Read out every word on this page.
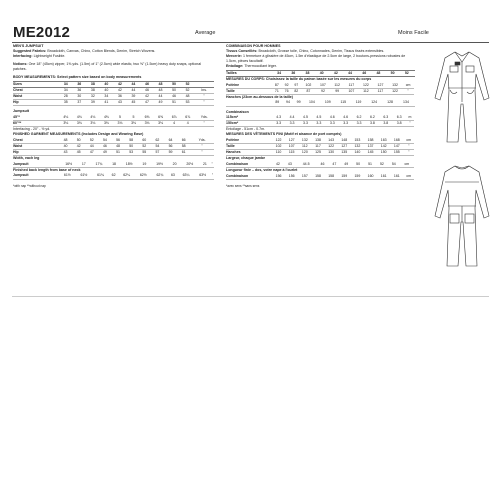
ME2012	Average	Moins Facile
MEN'S JUMPSUIT
Suggested Fabrics: Broadcloth, Canvas, Chino, Cotton Blends, Denim, Stretch Wovens.
Interfacing: Lightweight Fusible.
Notions: One 18" (45cm) zipper, 1⅝ yds. (1.5m) of 1" (2.5cm) wide elastic, two ⅝" (1.5cm) heavy duty snaps, optional patches.
BODY MEASUREMENTS: Select pattern size based on body measurements
Sizes	34	36	38	40	42	44	46	48	50	52	
Chest	34	36	38	40	42	44	46	48	50	52	Ins.
Waist	28	30	32	34	36	39	42	44	46	48	"
Hip	35	37	39	41	43	45	47	49	51	53	"
Jumpsuit
45"*	4⅛	4⅛	4⅛	4⅜	5	5	6⅝	6⅝	6⅞	6⅞	Yds.
60"**	3⅛	3⅛	3⅛	3⅛	3⅛	3⅛	3⅛	3⅛	4	4	"
Interfacing - 20" - ½ yd.
FINISHED GARMENT MEASUREMENTS (Includes Design and Wearing Ease)
Chest	48	50	52	54	56	58	60	62	64	66	Yds.
Waist	40	42	44	46	48	50	52	54	56	58	"
Hip	43	45	47	49	51	53	55	57	59	61	"
Width, each leg
Jumpsuit	16½	17	17¾	18	18½	19	19½	20	20½	21	"
Finished back length from base of neck
Jumpsuit	61½	61½	61¾	62	62¼	62½	62¾	63	63¼	63½	"
*with nap **without nap
COMBINAISON POUR HOMMES
Tissus Conseillés: Broadcloth, Grosse toile, Chino, Cotonnades, Denim, Tissus tissés extensibles.
Mercerie: 1 fermeture à glissière de 45cm, 1.5m d'élastique de 2.5cm de large, 2 boutons-pressions robustes de 1.5cm, pièces facultatif.
Entoilage: Thermocollant léger.
Tailles	34	36	38	40	42	44	46	48	50	52	
MESURES DU CORPS: Choisissez la taille du patron basée sur les mesures du corps
Poitrine	87	92	97	102	107	112	117	122	127	132	cm
Taille	71	76	82	87	92	99	107	112	117	122	"
Hanches (23cm au-dessous de la taille)
	89	94	99	104	109	115	119	124	128	134	
Combinaison
115cm*	4.3	4.4	4.5	4.5	4.6	4.6	6.2	6.2	6.3	6.3	m
150cm*	3.3	3.3	3.3	3.3	3.3	3.3	3.3	3.8	3.8	3.8	"
Entoilage - 51cm - 0.7m.
MESURES DES VÊTEMENTS FINI (Motif et aisance de port compris)
Poitrine	122	127	132	138	143	148	153	158	163	168	cm
Taille	102	107	112	117	122	127	132	137	142	147	"
Hanches	110	115	120	125	130	135	140	145	150	155	"
Largeur, chaque jambe
Combinaison	42	43	44.5	46	47	49	50	51	52	54	cm
Longueur finie – dos, votre nape à l'ourlet
Combinaison	156	156	157	158	158	159	159	160	161	161	cm
*avec sens **sans sens
